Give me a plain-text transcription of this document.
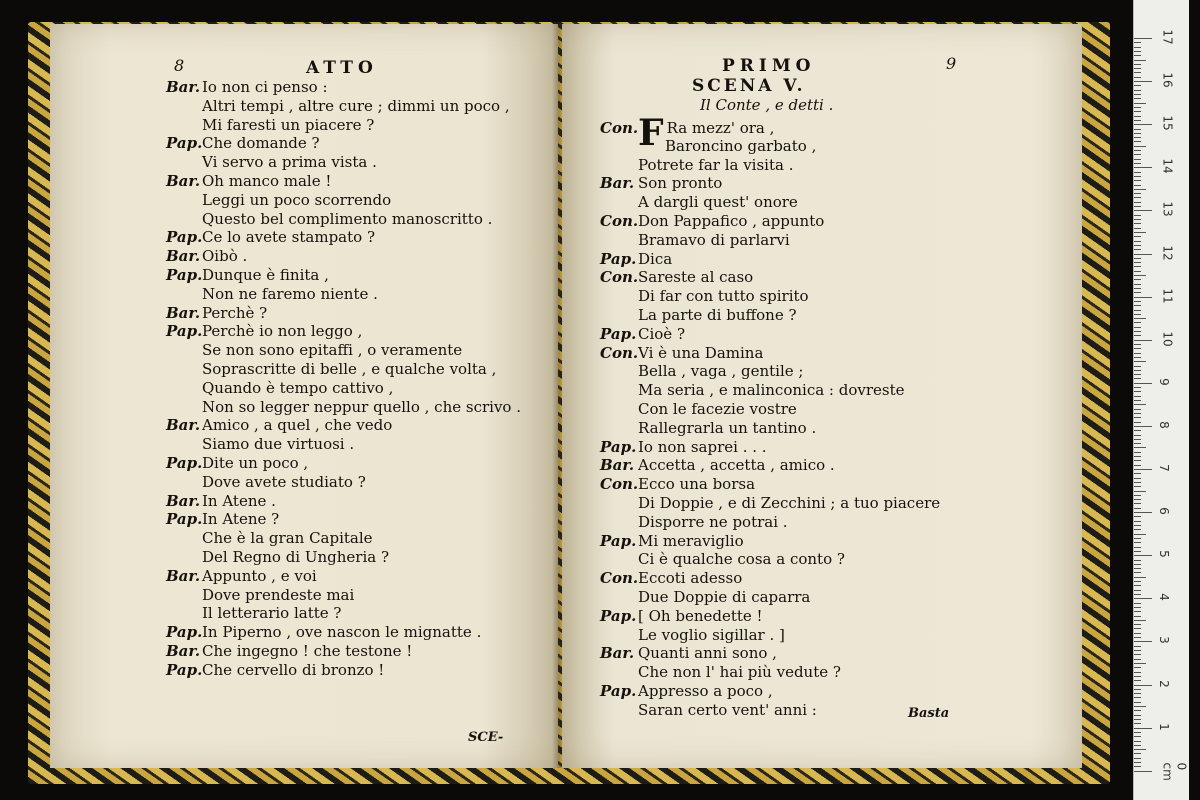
8	ATTO
Bar. Io non ci penso :
Altri tempi , altre cure ; dimmi un poco ,
Mi faresti un piacere ?
Pap.Che domande ?
Vi servo a prima vista .
Bar. Oh manco male !
Leggi un poco scorrendo
Questo bel complimento manoscritto .
Pap.Ce lo avete stampato ?
Bar. Oibò .
Pap.Dunque è finita ,
Non ne faremo niente .
Bar. Perchè ?
Pap.Perchè io non leggo ,
Se non sono epitaffi , o veramente
Soprascritte di belle , e qualche volta ,
Quando è tempo cattivo ,
Non so legger neppur quello , che scrivo .
Bar. Amico , a quel , che vedo
Siamo due virtuosi .
Pap.Dite un poco ,
Dove avete studiato ?
Bar. In Atene .
Pap.In Atene ?
Che è la gran Capitale
Del Regno di Ungheria ?
Bar. Appunto , e voi
Dove prendeste mai
Il letterario latte ?
Pap.In Piperno , ove nascon le mignatte .
Bar. Che ingegno ! che testone !
Pap.Che cervello di bronzo !
SCE-
PRIMO	9
SCENA V.
Il Conte , e detti .
Con.F Ra mezz' ora ,
Baroncino garbato ,
Potrete far la visita .
Bar. Son pronto
A dargli quest' onore
Con.Don Pappafico , appunto
Bramavo di parlarvi
Pap. Dica
Con.Sareste al caso
Di far con tutto spirito
La parte di buffone ?
Pap. Cioè ?
Con.Vi è una Damina
Bella , vaga , gentile ;
Ma seria , e malinconica : dovreste
Con le facezie vostre
Rallegrarla un tantino .
Pap. Io non saprei . . .
Bar. Accetta , accetta , amico .
Con.Ecco una borsa
Di Doppie , e di Zecchini ; a tuo piacere
Disporre ne potrai .
Pap. Mi meraviglio
Ci è qualche cosa a conto ?
Con.Eccoti adesso
Due Doppie di caparra
Pap. [ Oh benedette !
Le voglio sigillar . ]
Bar. Quanti anni sono ,
Che non l' hai più vedute ?
Pap. Appresso a poco ,
Saran certo vent' anni :	Basta
17
16
15
14
13
12
11
10
9
8
7
6
5
4
3
2
1
0 cm
